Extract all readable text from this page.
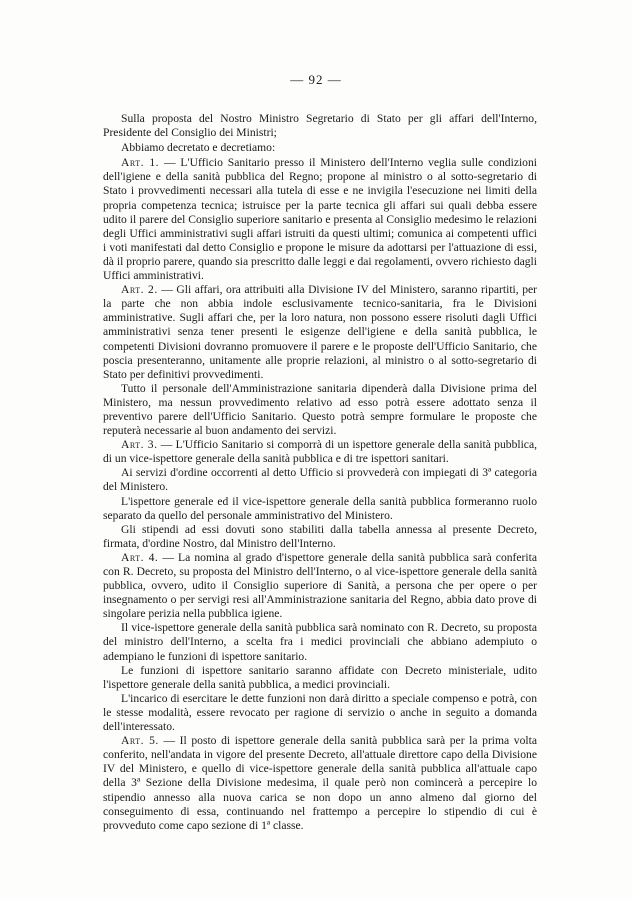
— 92 —

Sulla proposta del Nostro Ministro Segretario di Stato per gli affari dell'Interno, Presidente del Consiglio dei Ministri;

Abbiamo decretato e decretiamo:

Art. 1. — L'Ufficio Sanitario presso il Ministero dell'Interno veglia sulle condizioni dell'igiene e della sanità pubblica del Regno; propone al ministro o al sotto-segretario di Stato i provvedimenti necessari alla tutela di esse e ne invigila l'esecuzione nei limiti della propria competenza tecnica; istruisce per la parte tecnica gli affari sui quali debba essere udito il parere del Consiglio superiore sanitario e presenta al Consiglio medesimo le relazioni degli Uffici amministrativi sugli affari istruiti da questi ultimi; comunica ai competenti uffici i voti manifestati dal detto Consiglio e propone le misure da adottarsi per l'attuazione di essi, dà il proprio parere, quando sia prescritto dalle leggi e dai regolamenti, ovvero richiesto dagli Uffici amministrativi.

Art. 2. — Gli affari, ora attribuiti alla Divisione IV del Ministero, saranno ripartiti, per la parte che non abbia indole esclusivamente tecnico-sanitaria, fra le Divisioni amministrative. Sugli affari che, per la loro natura, non possono essere risoluti dagli Uffici amministrativi senza tener presenti le esigenze dell'igiene e della sanità pubblica, le competenti Divisioni dovranno promuovere il parere e le proposte dell'Ufficio Sanitario, che poscia presenteranno, unitamente alle proprie relazioni, al ministro o al sotto-segretario di Stato per definitivi provvedimenti.

Tutto il personale dell'Amministrazione sanitaria dipenderà dalla Divisione prima del Ministero, ma nessun provvedimento relativo ad esso potrà essere adottato senza il preventivo parere dell'Ufficio Sanitario. Questo potrà sempre formulare le proposte che reputerà necessarie al buon andamento dei servizi.

Art. 3. — L'Ufficio Sanitario si comporrà di un ispettore generale della sanità pubblica, di un vice-ispettore generale della sanità pubblica e di tre ispettori sanitari.

Ai servizi d'ordine occorrenti al detto Ufficio si provvederà con impiegati di 3ª categoria del Ministero.

L'ispettore generale ed il vice-ispettore generale della sanità pubblica formeranno ruolo separato da quello del personale amministrativo del Ministero.

Gli stipendi ad essi dovuti sono stabiliti dalla tabella annessa al presente Decreto, firmata, d'ordine Nostro, dal Ministro dell'Interno.

Art. 4. — La nomina al grado d'ispettore generale della sanità pubblica sarà conferita con R. Decreto, su proposta del Ministro dell'Interno, o al vice-ispettore generale della sanità pubblica, ovvero, udito il Consiglio superiore di Sanità, a persona che per opere o per insegnamento o per servigi resi all'Amministrazione sanitaria del Regno, abbia dato prove di singolare perizia nella pubblica igiene.

Il vice-ispettore generale della sanità pubblica sarà nominato con R. Decreto, su proposta del ministro dell'Interno, a scelta fra i medici provinciali che abbiano adempiuto o adempiano le funzioni di ispettore sanitario.

Le funzioni di ispettore sanitario saranno affidate con Decreto ministeriale, udito l'ispettore generale della sanità pubblica, a medici provinciali.

L'incarico di esercitare le dette funzioni non darà diritto a speciale compenso e potrà, con le stesse modalità, essere revocato per ragione di servizio o anche in seguito a domanda dell'interessato.

Art. 5. — Il posto di ispettore generale della sanità pubblica sarà per la prima volta conferito, nell'andata in vigore del presente Decreto, all'attuale direttore capo della Divisione IV del Ministero, e quello di vice-ispettore generale della sanità pubblica all'attuale capo della 3ª Sezione della Divisione medesima, il quale però non comincerà a percepire lo stipendio annesso alla nuova carica se non dopo un anno almeno dal giorno del conseguimento di essa, continuando nel frattempo a percepire lo stipendio di cui è provveduto come capo sezione di 1ª classe.
